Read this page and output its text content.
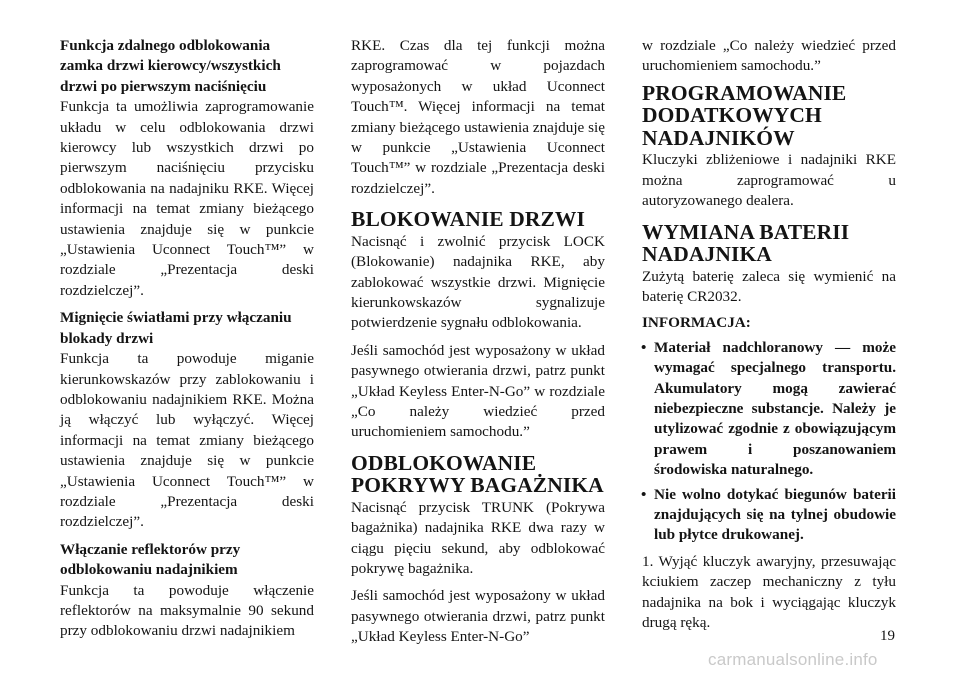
Funkcja zdalnego odblokowania zamka drzwi kierowcy/wszystkich drzwi po pierwszym naciśnięciu
Funkcja ta umożliwia zaprogramowanie układu w celu odblokowania drzwi kierowcy lub wszystkich drzwi po pierwszym naciśnięciu przycisku odblokowania na nadajniku RKE. Więcej informacji na temat zmiany bieżącego ustawienia znajduje się w punkcie „Ustawienia Uconnect Touch™” w rozdziale „Prezentacja deski rozdzielczej”.
Mignięcie światłami przy włączaniu blokady drzwi
Funkcja ta powoduje miganie kierunkowskazów przy zablokowaniu i odblokowaniu nadajnikiem RKE. Można ją włączyć lub wyłączyć. Więcej informacji na temat zmiany bieżącego ustawienia znajduje się w punkcie „Ustawienia Uconnect Touch™” w rozdziale „Prezentacja deski rozdzielczej”.
Włączanie reflektorów przy odblokowaniu nadajnikiem
Funkcja ta powoduje włączenie reflektorów na maksymalnie 90 sekund przy odblokowaniu drzwi nadajnikiem
RKE. Czas dla tej funkcji można zaprogramować w pojazdach wyposażonych w układ Uconnect Touch™. Więcej informacji na temat zmiany bieżącego ustawienia znajduje się w punkcie „Ustawienia Uconnect Touch™” w rozdziale „Prezentacja deski rozdzielczej”.
BLOKOWANIE DRZWI
Nacisnąć i zwolnić przycisk LOCK (Blokowanie) nadajnika RKE, aby zablokować wszystkie drzwi. Mignięcie kierunkowskazów sygnalizuje potwierdzenie sygnału odblokowania.
Jeśli samochód jest wyposażony w układ pasywnego otwierania drzwi, patrz punkt „Układ Keyless Enter-N-Go” w rozdziale „Co należy wiedzieć przed uruchomieniem samochodu.”
ODBLOKOWANIE POKRYWY BAGAŻNIKA
Nacisnąć przycisk TRUNK (Pokrywa bagażnika) nadajnika RKE dwa razy w ciągu pięciu sekund, aby odblokować pokrywę bagażnika.
Jeśli samochód jest wyposażony w układ pasywnego otwierania drzwi, patrz punkt „Układ Keyless Enter-N-Go”
w rozdziale „Co należy wiedzieć przed uruchomieniem samochodu.”
PROGRAMOWANIE DODATKOWYCH NADAJNIKÓW
Kluczyki zbliżeniowe i nadajniki RKE można zaprogramować u autoryzowanego dealera.
WYMIANA BATERII NADAJNIKA
Zużytą baterię zaleca się wymienić na baterię CR2032.
INFORMACJA:
• Materiał nadchloranowy — może wymagać specjalnego transportu. Akumulatory mogą zawierać niebezpieczne substancje. Należy je utylizować zgodnie z obowiązującym prawem i poszanowaniem środowiska naturalnego.
• Nie wolno dotykać biegunów baterii znajdujących się na tylnej obudowie lub płytce drukowanej.
1. Wyjąć kluczyk awaryjny, przesuwając kciukiem zaczep mechaniczny z tyłu nadajnika na bok i wyciągając kluczyk drugą ręką.
19
carmanualsonline.info
